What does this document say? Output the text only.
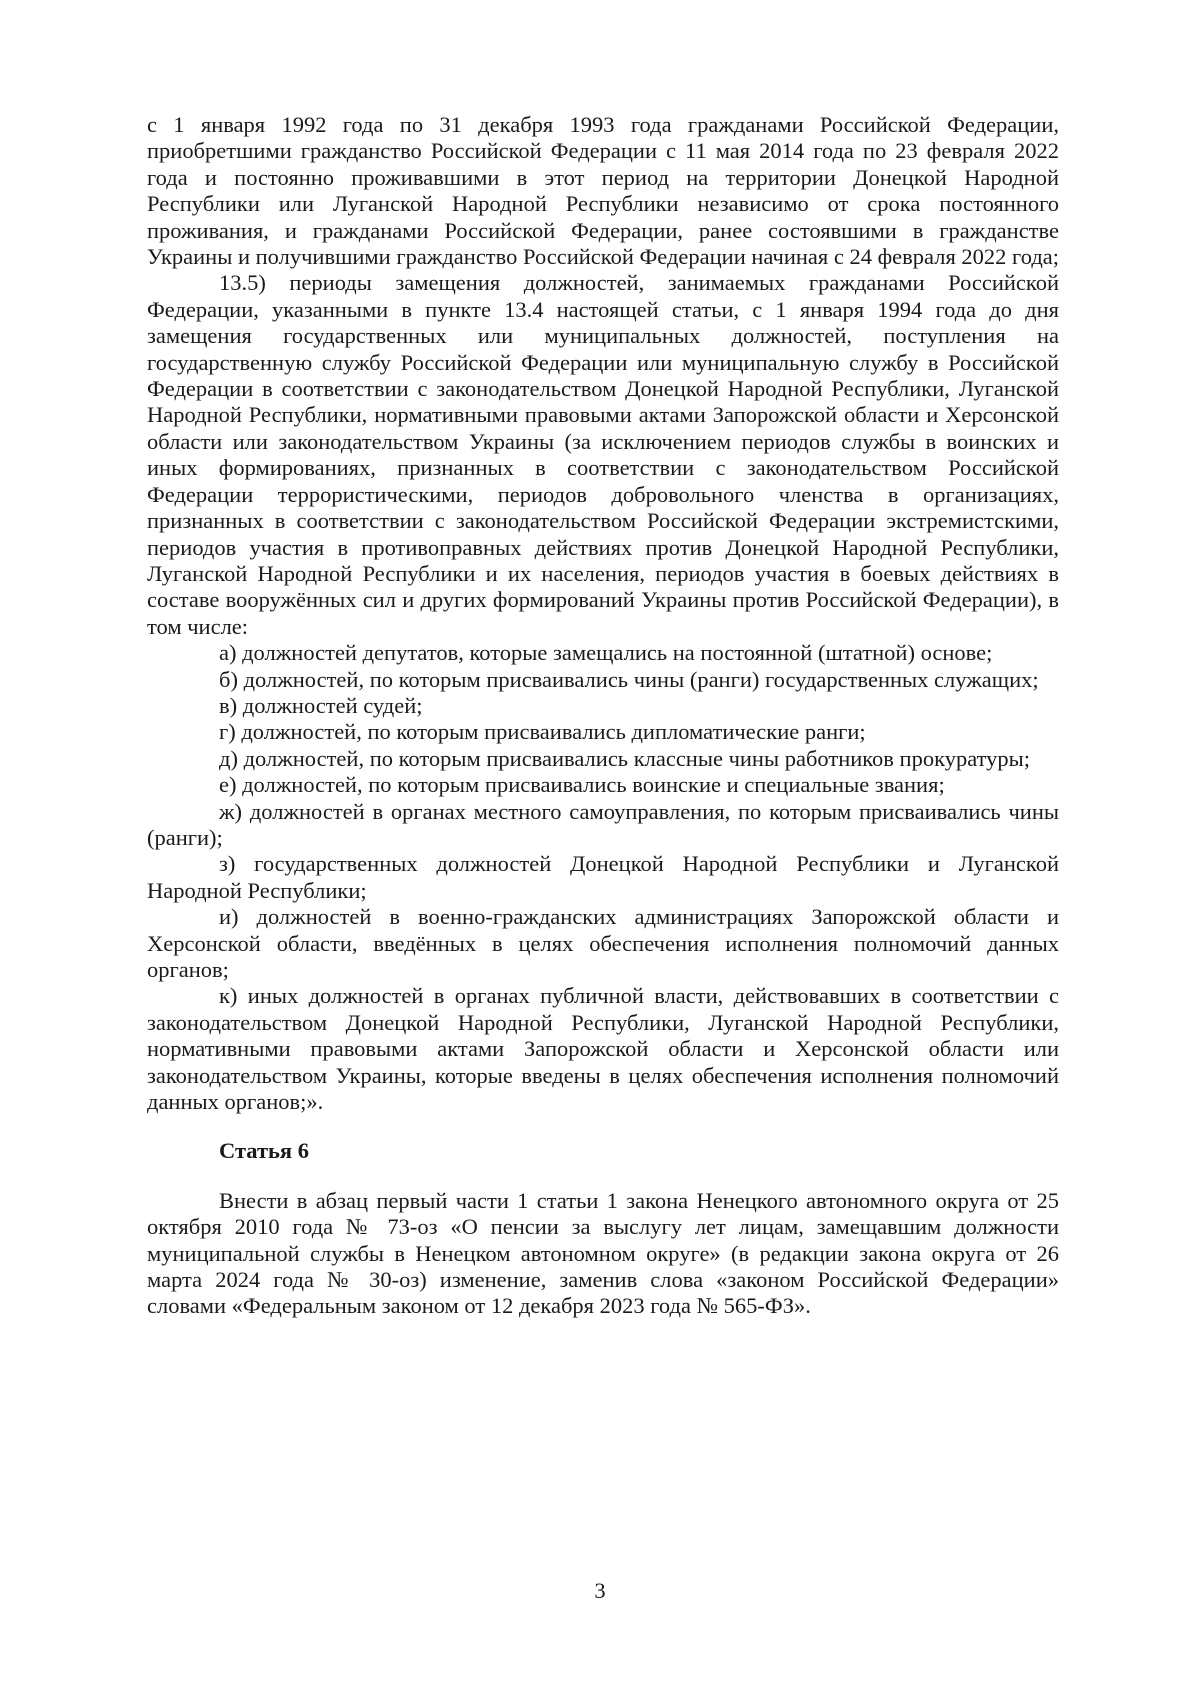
с 1 января 1992 года по 31 декабря 1993 года гражданами Российской Федерации, приобретшими гражданство Российской Федерации с 11 мая 2014 года по 23 февраля 2022 года и постоянно проживавшими в этот период на территории Донецкой Народной Республики или Луганской Народной Республики независимо от срока постоянного проживания, и гражданами Российской Федерации, ранее состоявшими в гражданстве Украины и получившими гражданство Российской Федерации начиная с 24 февраля 2022 года;

13.5) периоды замещения должностей, занимаемых гражданами Российской Федерации, указанными в пункте 13.4 настоящей статьи, с 1 января 1994 года до дня замещения государственных или муниципальных должностей, поступления на государственную службу Российской Федерации или муниципальную службу в Российской Федерации в соответствии с законодательством Донецкой Народной Республики, Луганской Народной Республики, нормативными правовыми актами Запорожской области и Херсонской области или законодательством Украины (за исключением периодов службы в воинских и иных формированиях, признанных в соответствии с законодательством Российской Федерации террористическими, периодов добровольного членства в организациях, признанных в соответствии с законодательством Российской Федерации экстремистскими, периодов участия в противоправных действиях против Донецкой Народной Республики, Луганской Народной Республики и их населения, периодов участия в боевых действиях в составе вооружённых сил и других формирований Украины против Российской Федерации), в том числе:

а) должностей депутатов, которые замещались на постоянной (штатной) основе;

б) должностей, по которым присваивались чины (ранги) государственных служащих;

в) должностей судей;

г) должностей, по которым присваивались дипломатические ранги;

д) должностей, по которым присваивались классные чины работников прокуратуры;

е) должностей, по которым присваивались воинские и специальные звания;

ж) должностей в органах местного самоуправления, по которым присваивались чины (ранги);

з) государственных должностей Донецкой Народной Республики и Луганской Народной Республики;

и) должностей в военно-гражданских администрациях Запорожской области и Херсонской области, введённых в целях обеспечения исполнения полномочий данных органов;

к) иных должностей в органах публичной власти, действовавших в соответствии с законодательством Донецкой Народной Республики, Луганской Народной Республики, нормативными правовыми актами Запорожской области и Херсонской области или законодательством Украины, которые введены в целях обеспечения исполнения полномочий данных органов;».

Статья 6

Внести в абзац первый части 1 статьи 1 закона Ненецкого автономного округа от 25 октября 2010 года № 73-оз «О пенсии за выслугу лет лицам, замещавшим должности муниципальной службы в Ненецком автономном округе» (в редакции закона округа от 26 марта 2024 года № 30-оз) изменение, заменив слова «законом Российской Федерации» словами «Федеральным законом от 12 декабря 2023 года № 565-ФЗ».

3
